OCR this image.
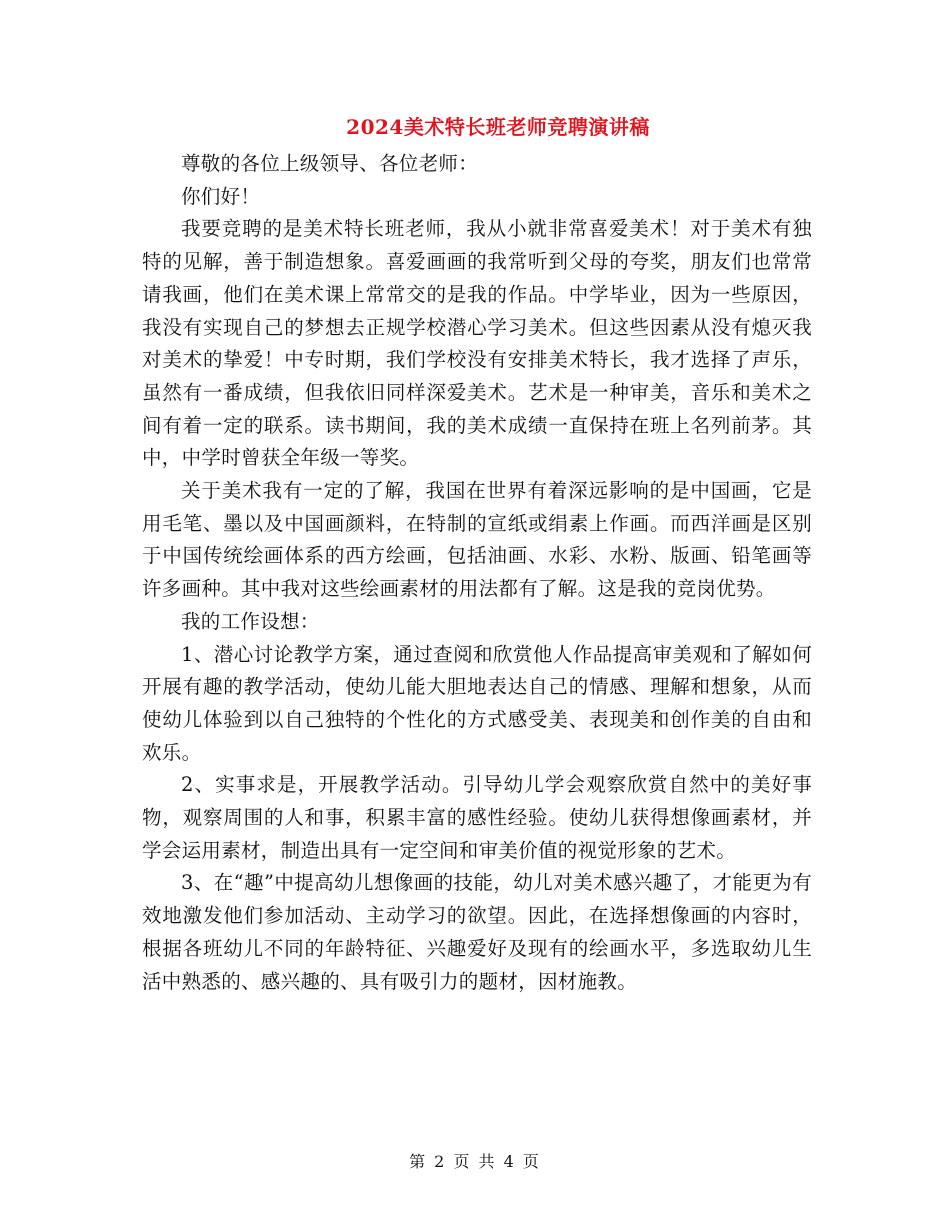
2024美术特长班老师竞聘演讲稿

尊敬的各位上级领导、各位老师：

你们好！

我要竞聘的是美术特长班老师，我从小就非常喜爱美术！对于美术有独特的见解，善于制造想象。喜爱画画的我常听到父母的夸奖，朋友们也常常请我画，他们在美术课上常常交的是我的作品。中学毕业，因为一些原因，我没有实现自己的梦想去正规学校潜心学习美术。但这些因素从没有熄灭我对美术的挚爱！中专时期，我们学校没有安排美术特长，我才选择了声乐，虽然有一番成绩，但我依旧同样深爱美术。艺术是一种审美，音乐和美术之间有着一定的联系。读书期间，我的美术成绩一直保持在班上名列前茅。其中，中学时曾获全年级一等奖。

关于美术我有一定的了解，我国在世界有着深远影响的是中国画，它是用毛笔、墨以及中国画颜料，在特制的宣纸或绢素上作画。而西洋画是区别于中国传统绘画体系的西方绘画，包括油画、水彩、水粉、版画、铅笔画等许多画种。其中我对这些绘画素材的用法都有了解。这是我的竞岗优势。

我的工作设想：

1、潜心讨论教学方案，通过查阅和欣赏他人作品提高审美观和了解如何开展有趣的教学活动，使幼儿能大胆地表达自己的情感、理解和想象，从而使幼儿体验到以自己独特的个性化的方式感受美、表现美和创作美的自由和欢乐。

2、实事求是，开展教学活动。引导幼儿学会观察欣赏自然中的美好事物，观察周围的人和事，积累丰富的感性经验。使幼儿获得想像画素材，并学会运用素材，制造出具有一定空间和审美价值的视觉形象的艺术。

3、在“趣”中提高幼儿想像画的技能，幼儿对美术感兴趣了，才能更为有效地激发他们参加活动、主动学习的欲望。因此，在选择想像画的内容时，根据各班幼儿不同的年龄特征、兴趣爱好及现有的绘画水平，多选取幼儿生活中熟悉的、感兴趣的、具有吸引力的题材，因材施教。

第 2 页 共 4 页
